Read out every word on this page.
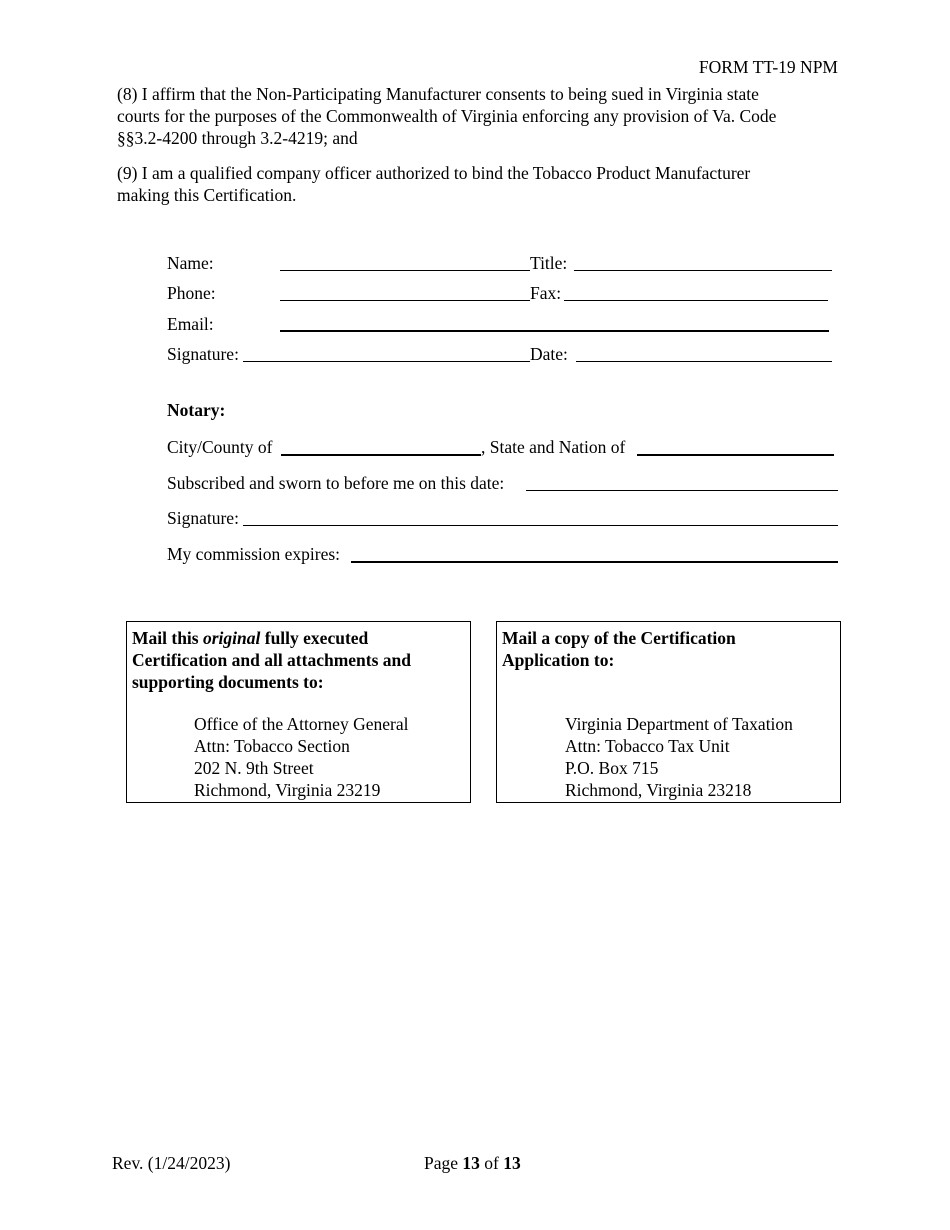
FORM TT-19 NPM
(8) I affirm that the Non-Participating Manufacturer consents to being sued in Virginia state
courts for the purposes of the Commonwealth of Virginia enforcing any provision of Va. Code
§§3.2-4200 through 3.2-4219; and
(9) I am a qualified company officer authorized to bind the Tobacco Product Manufacturer
making this Certification.
Name:	Title:
Phone:	Fax:
Email:
Signature:	Date:
Notary:
City/County of	, State and Nation of
Subscribed and sworn to before me on this date:
Signature:
My commission expires:

Mail this original fully executed
Certification and all attachments and
supporting documents to:

Office of the Attorney General
Attn: Tobacco Section
202 N. 9th Street
Richmond, Virginia 23219

Mail a copy of the Certification
Application to:

Virginia Department of Taxation
Attn: Tobacco Tax Unit
P.O. Box 715
Richmond, Virginia 23218
Rev. (1/24/2023)	Page 13 of 13
